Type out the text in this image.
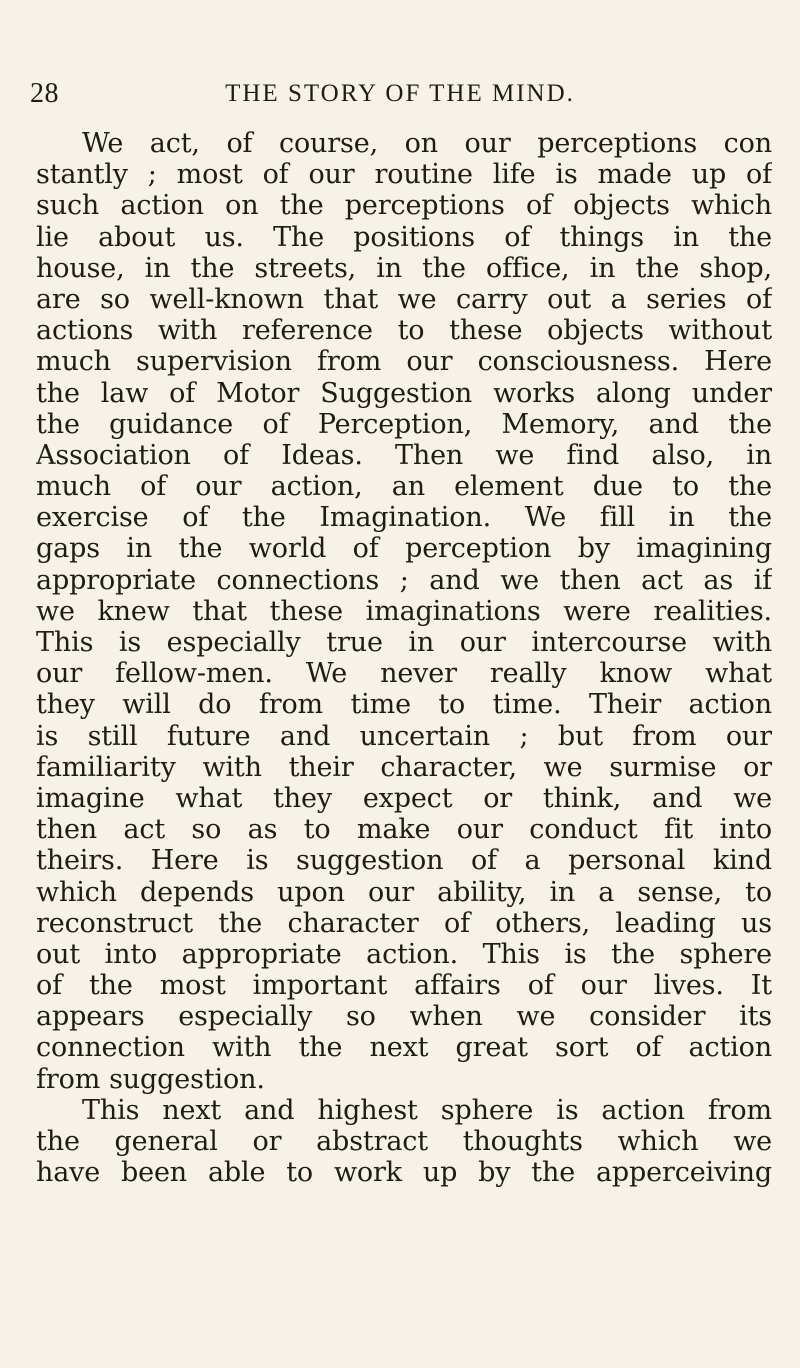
28	THE STORY OF THE MIND.
We act, of course, on our perceptions con
stantly ; most of our routine life is made up of
such action on the perceptions of objects which
lie about us. The positions of things in the
house, in the streets, in the office, in the shop,
are so well-known that we carry out a series of
actions with reference to these objects without
much supervision from our consciousness. Here
the law of Motor Suggestion works along under
the guidance of Perception, Memory, and the
Association of Ideas. Then we find also, in
much of our action, an element due to the
exercise of the Imagination. We fill in the
gaps in the world of perception by imagining
appropriate connections ; and we then act as if
we knew that these imaginations were realities.
This is especially true in our intercourse with
our fellow-men. We never really know what
they will do from time to time. Their action
is still future and uncertain ; but from our
familiarity with their character, we surmise or
imagine what they expect or think, and we
then act so as to make our conduct fit into
theirs. Here is suggestion of a personal kind
which depends upon our ability, in a sense, to
reconstruct the character of others, leading us
out into appropriate action. This is the sphere
of the most important affairs of our lives. It
appears especially so when we consider its
connection with the next great sort of action
from suggestion.
This next and highest sphere is action from
the general or abstract thoughts which we
have been able to work up by the apperceiving
